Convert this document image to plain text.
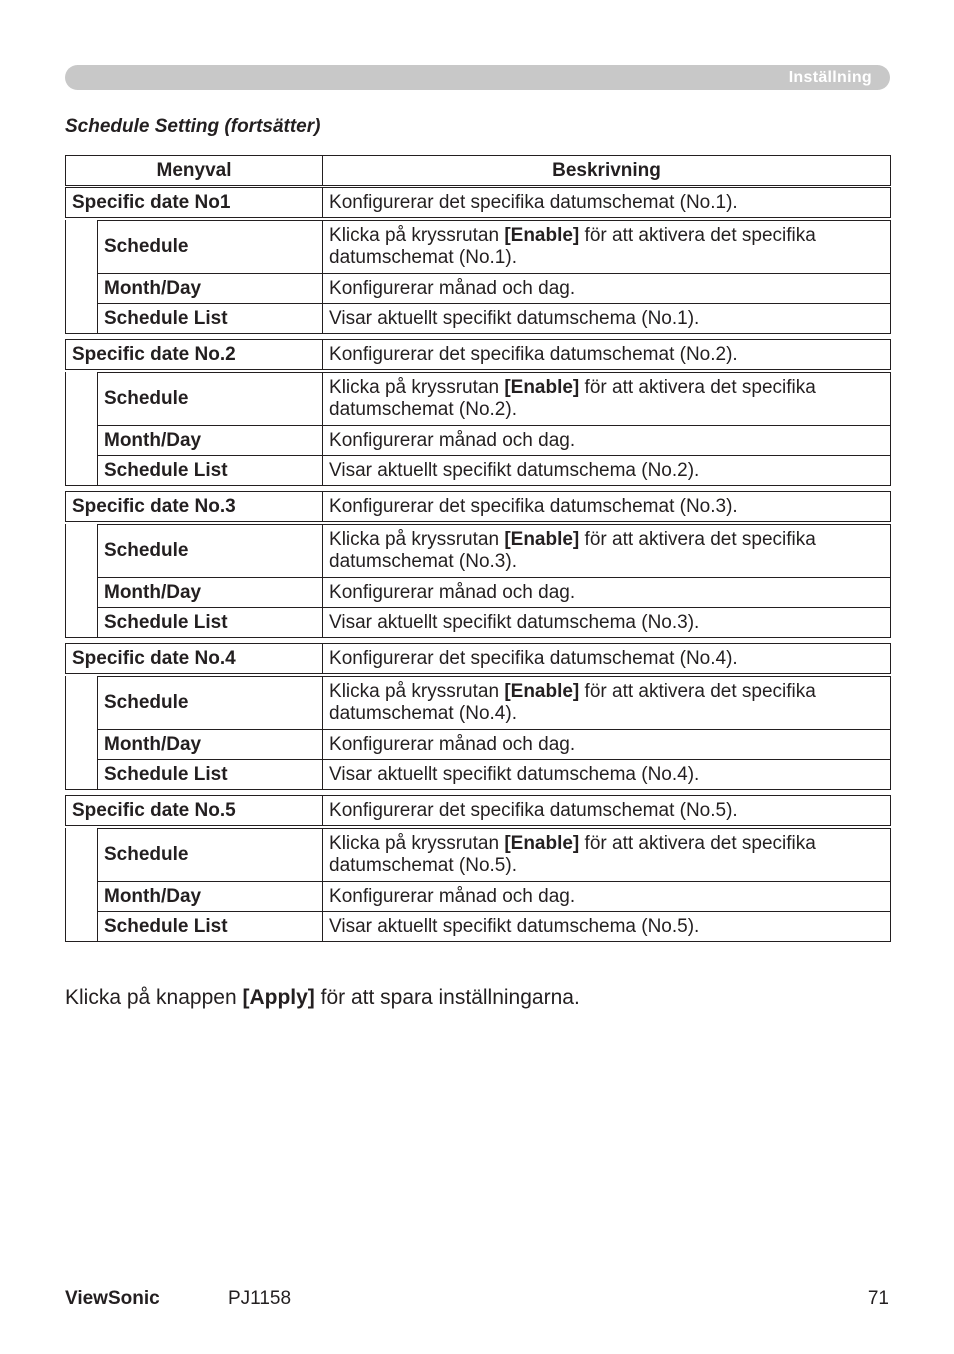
Inställning
Schedule Setting (fortsätter)
Menyval		Beskrivning

Specific date No1		Konfigurerar det specifika datumschemat (No.1).

	Schedule	Klicka på kryssrutan [Enable] för att aktivera det specifika datumschemat (No.1).
	Month/Day	Konfigurerar månad och dag.
	Schedule List	Visar aktuellt specifikt datumschema (No.1).

Specific date No.2		Konfigurerar det specifika datumschemat (No.2).

	Schedule	Klicka på kryssrutan [Enable] för att aktivera det specifika datumschemat (No.2).
	Month/Day	Konfigurerar månad och dag.
	Schedule List	Visar aktuellt specifikt datumschema (No.2).

Specific date No.3		Konfigurerar det specifika datumschemat (No.3).

	Schedule	Klicka på kryssrutan [Enable] för att aktivera det specifika datumschemat (No.3).
	Month/Day	Konfigurerar månad och dag.
	Schedule List	Visar aktuellt specifikt datumschema (No.3).

Specific date No.4		Konfigurerar det specifika datumschemat (No.4).

	Schedule	Klicka på kryssrutan [Enable] för att aktivera det specifika datumschemat (No.4).
	Month/Day	Konfigurerar månad och dag.
	Schedule List	Visar aktuellt specifikt datumschema (No.4).

Specific date No.5		Konfigurerar det specifika datumschemat (No.5).

	Schedule	Klicka på kryssrutan [Enable] för att aktivera det specifika datumschemat (No.5).
	Month/Day	Konfigurerar månad och dag.
	Schedule List	Visar aktuellt specifikt datumschema (No.5).
Klicka på knappen [Apply] för att spara inställningarna.
ViewSonic	PJ1158	71
